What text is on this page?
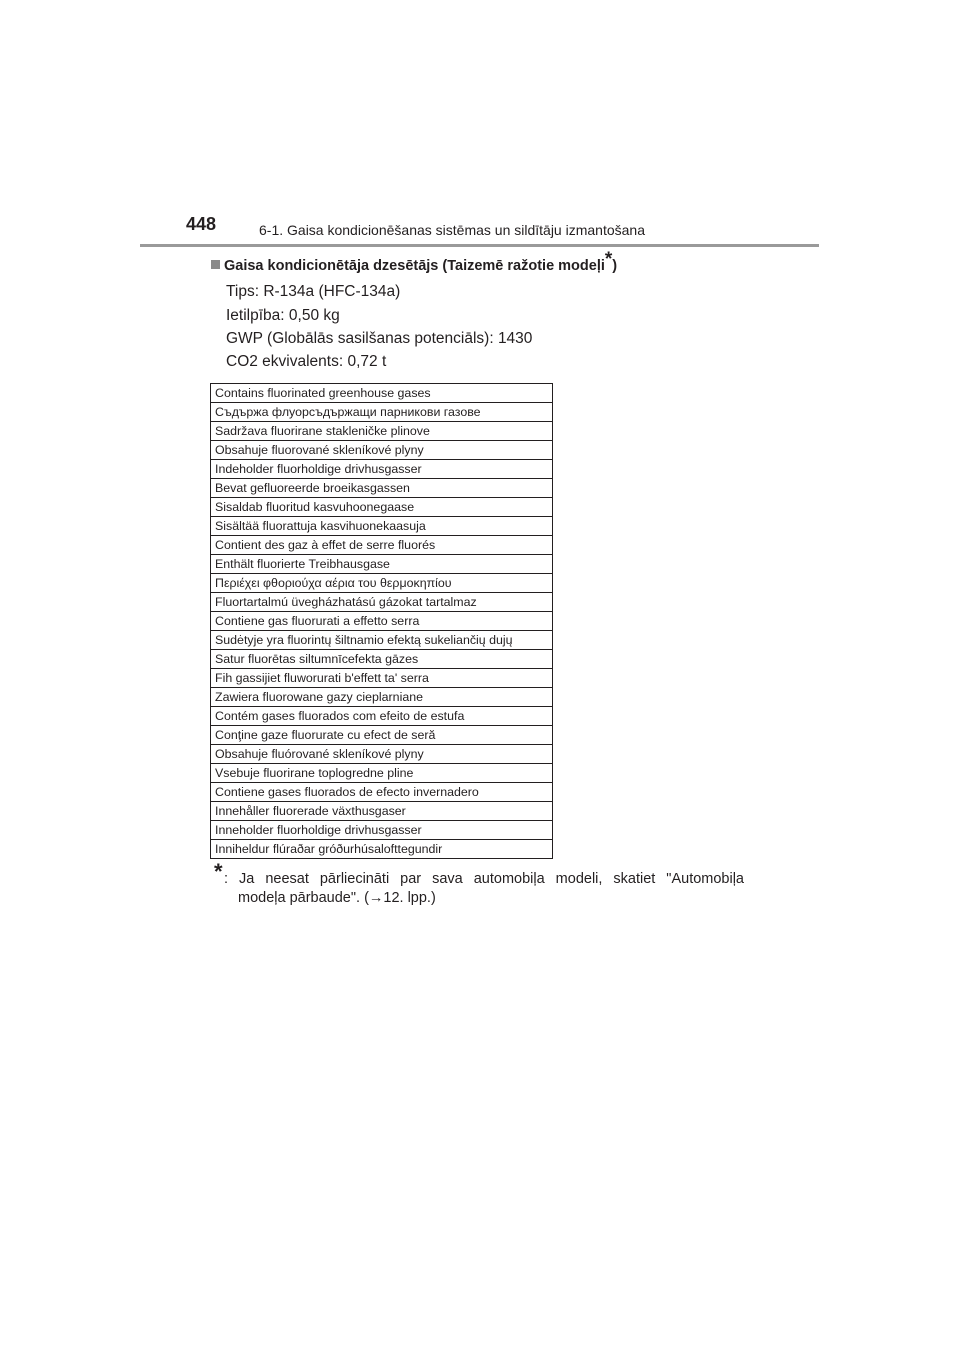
448	6-1. Gaisa kondicionēšanas sistēmas un sildītāju izmantošana
Gaisa kondicionētāja dzesētājs (Taizemē ražotie modeļi*)
Tips: R-134a (HFC-134a)
Ietilpība: 0,50 kg
GWP (Globālās sasilšanas potenciāls): 1430
CO2 ekvivalents: 0,72 t
Contains fluorinated greenhouse gases
Съдържа флуорсъдържащи парникови газове
Sadržava fluorirane stakleničke plinove
Obsahuje fluorované skleníkové plyny
Indeholder fluorholdige drivhusgasser
Bevat gefluoreerde broeikasgassen
Sisaldab fluoritud kasvuhoonegaase
Sisältää fluorattuja kasvihuonekaasuja
Contient des gaz à effet de serre fluorés
Enthält fluorierte Treibhausgase
Περιέχει φθοριούχα αέρια του θερμοκηπίου
Fluortartalmú üvegházhatású gázokat tartalmaz
Contiene gas fluorurati a effetto serra
Sudėtyje yra fluorintų šiltnamio efektą sukeliančių dujų
Satur fluorētas siltumnīcefekta gāzes
Fih gassijiet fluworurati b'effett ta' serra
Zawiera fluorowane gazy cieplarniane
Contém gases fluorados com efeito de estufa
Conţine gaze fluorurate cu efect de seră
Obsahuje fluórované skleníkové plyny
Vsebuje fluorirane toplogredne pline
Contiene gases fluorados de efecto invernadero
Innehåller fluorerade växthusgaser
Inneholder fluorholdige drivhusgasser
Inniheldur flúraðar gróðurhúsalofttegundir
* : Ja neesat pārliecināti par sava automobiļa modeli, skatiet "Automobiļa
modeļa pārbaude". (→12. lpp.)
